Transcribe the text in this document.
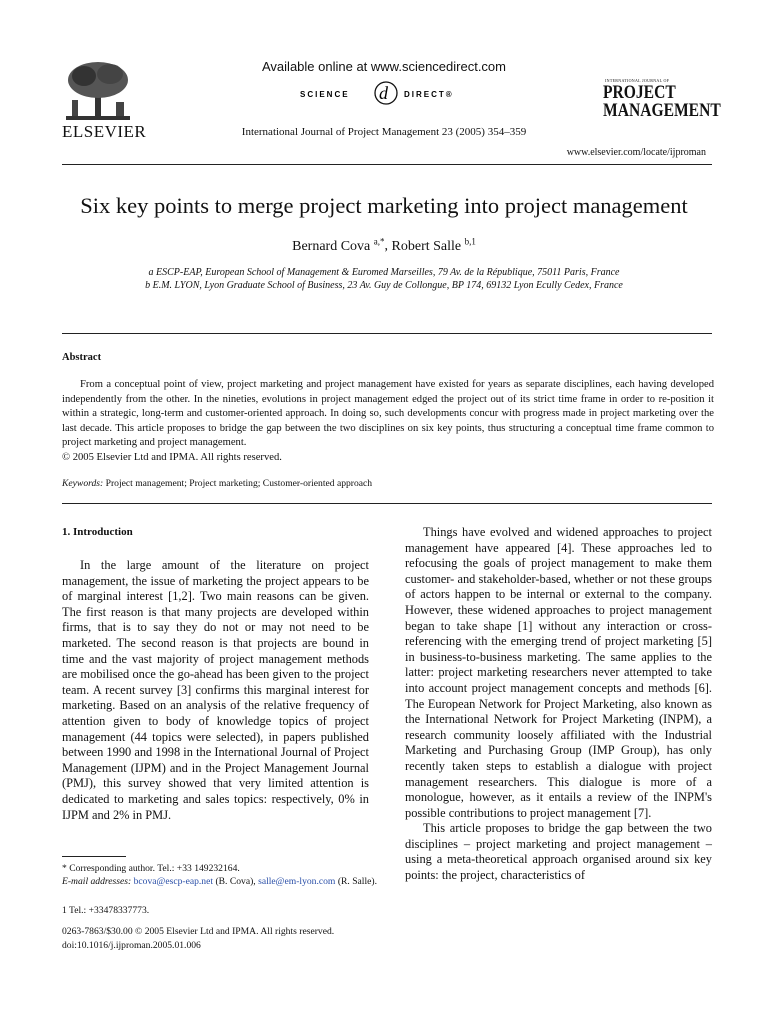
ELSEVIER
Available online at www.sciencedirect.com
SCIENCE d DIRECT®
International Journal of Project Management 23 (2005) 354–359
INTERNATIONAL JOURNAL OF
PROJECT
MANAGEMENT
www.elsevier.com/locate/ijproman
Six key points to merge project marketing into project management
Bernard Cova $^{a,*}$, Robert Salle $^{b,1}$
a ESCP-EAP, European School of Management & Euromed Marseilles, 79 Av. de la République, 75011 Paris, France
b E.M. LYON, Lyon Graduate School of Business, 23 Av. Guy de Collongue, BP 174, 69132 Lyon Ecully Cedex, France
Abstract

From a conceptual point of view, project marketing and project management have existed for years as separate disciplines, each having developed independently from the other. In the nineties, evolutions in project management edged the project out of its strict time frame in order to re-position it within a strategic, long-term and customer-oriented approach. In doing so, such developments concur with progress made in project marketing over the last decade. This article proposes to bridge the gap between the two disciplines on six key points, thus structuring a conceptual time frame common to project marketing and project management.

© 2005 Elsevier Ltd and IPMA. All rights reserved.
Keywords: Project management; Project marketing; Customer-oriented approach
1. Introduction

In the large amount of the literature on project management, the issue of marketing the project appears to be of marginal interest [1,2]. Two main reasons can be given. The first reason is that many projects are developed within firms, that is to say they do not or may not need to be marketed. The second reason is that projects are bound in time and the vast majority of project management methods are mobilised once the go-ahead has been given to the project team. A recent survey [3] confirms this marginal interest for marketing. Based on an analysis of the relative frequency of attention given to body of knowledge topics of project management (44 topics were selected), in papers published between 1990 and 1998 in the International Journal of Project Management (IJPM) and in the Project Management Journal (PMJ), this survey showed that very limited attention is dedicated to marketing and sales topics: respectively, 0% in IJPM and 2% in PMJ.

Things have evolved and widened approaches to project management have appeared [4]. These approaches led to refocusing the goals of project management to make them customer- and stakeholder-based, whether or not these groups of actors happen to be internal or external to the company. However, these widened approaches to project management began to take shape [1] without any interaction or cross-referencing with the emerging trend of project marketing [5] in business-to-business marketing. The same applies to the latter: project marketing researchers never attempted to take into account project management concepts and methods [6]. The European Network for Project Marketing, also known as the International Network for Project Marketing (INPM), a research community loosely affiliated with the Industrial Marketing and Purchasing Group (IMP Group), has only recently taken steps to establish a dialogue with project management researchers. This dialogue is more of a monologue, however, as it entails a review of the INPM's possible contributions to project management [7].

This article proposes to bridge the gap between the two disciplines – project marketing and project management – using a meta-theoretical approach organised around six key points: the project, characteristics of

* Corresponding author. Tel.: +33 149232164.
E-mail addresses: bcova@escp-eap.net (B. Cova), salle@em-lyon.com (R. Salle).
1 Tel.: +33478337773.
0263-7863/$30.00 © 2005 Elsevier Ltd and IPMA. All rights reserved.
doi:10.1016/j.ijproman.2005.01.006
